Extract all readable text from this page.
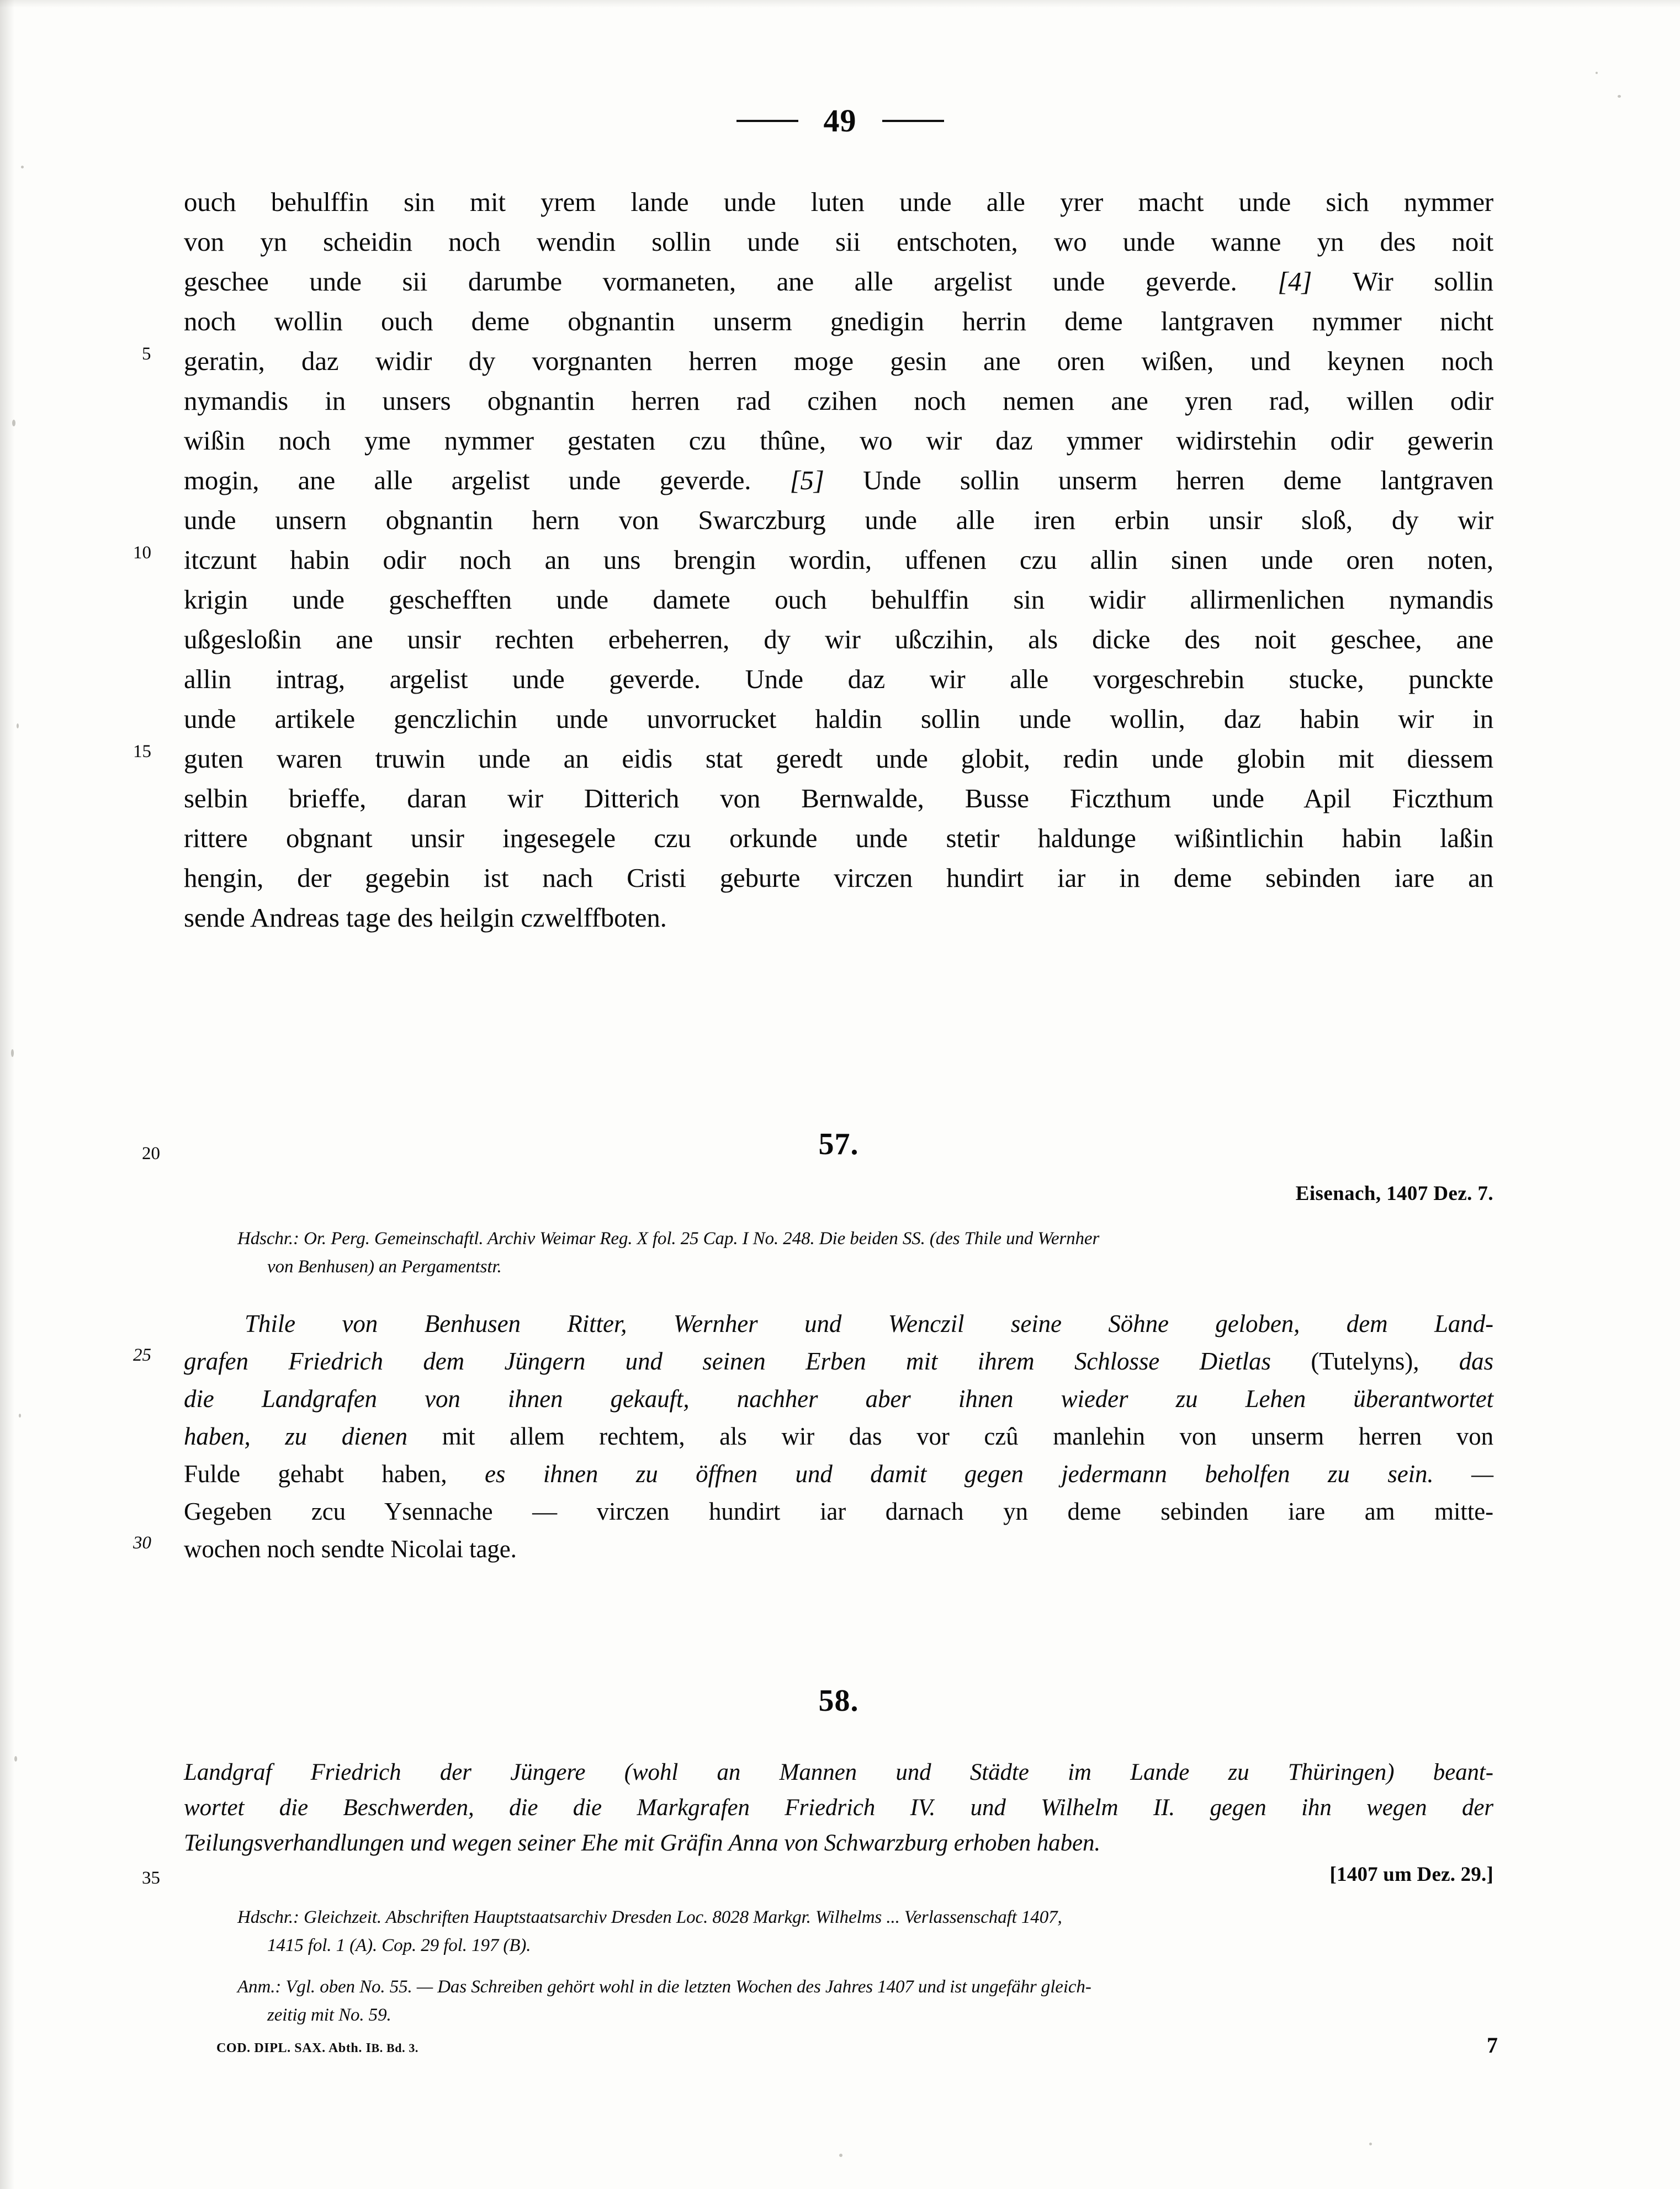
49
ouch behulffin sin mit yrem lande unde luten unde alle yrer macht unde sich nymmer
von yn scheidin noch wendin sollin unde sii entschoten, wo unde wanne yn des noit
geschee unde sii darumbe vormaneten, ane alle argelist unde geverde. [4] Wir sollin
noch wollin ouch deme obgnantin unserm gnedigin herrin deme lantgraven nymmer nicht
5 geratin, daz widir dy vorgnanten herren moge gesin ane oren wißen, und keynen noch
nymandis in unsers obgnantin herren rad czihen noch nemen ane yren rad, willen odir
wißin noch yme nymmer gestaten czu thûne, wo wir daz ymmer widirstehin odir gewerin
mogin, ane alle argelist unde geverde. [5] Unde sollin unserm herren deme lantgraven
unde unsern obgnantin hern von Swarczburg unde alle iren erbin unsir sloß, dy wir
10 itczunt habin odir noch an uns brengin wordin, uffenen czu allin sinen unde oren noten,
krigin unde geschefften unde damete ouch behulffin sin widir allirmenlichen nymandis
ußgesloßin ane unsir rechten erbeherren, dy wir ußczihin, als dicke des noit geschee, ane
allin intrag, argelist unde geverde. Unde daz wir alle vorgeschrebin stucke, punckte
unde artikele genczlichin unde unvorrucket haldin sollin unde wollin, daz habin wir in
15 guten waren truwin unde an eidis stat geredt unde globit, redin unde globin mit diessem
selbin brieffe, daran wir Ditterich von Bernwalde, Busse Ficzthum unde Apil Ficzthum
rittere obgnant unsir ingesegele czu orkunde unde stetir haldunge wißintlichin habin laßin
hengin, der gegebin ist nach Cristi geburte virczen hundirt iar in deme sebinden iare an
sende Andreas tage des heilgin czwelffboten.
20	57.
Eisenach, 1407 Dez. 7.
Hdschr.: Or. Perg. Gemeinschaftl. Archiv Weimar Reg. X fol. 25 Cap. I No. 248. Die beiden SS. (des Thile und Wernher
von Benhusen) an Pergamentstr.
Thile von Benhusen Ritter, Wernher und Wenczil seine Söhne geloben, dem Land-
25 grafen Friedrich dem Jüngern und seinen Erben mit ihrem Schlosse Dietlas (Tutelyns), das
die Landgrafen von ihnen gekauft, nachher aber ihnen wieder zu Lehen überantwortet
haben, zu dienen mit allem rechtem, als wir das vor czû manlehin von unserm herren von
Fulde gehabt haben, es ihnen zu öffnen und damit gegen jedermann beholfen zu sein. —
Gegeben zcu Ysennache — virczen hundirt iar darnach yn deme sebinden iare am mitte-
30 wochen noch sendte Nicolai tage.
58.
Landgraf Friedrich der Jüngere (wohl an Mannen und Städte im Lande zu Thüringen) beant-
wortet die Beschwerden, die die Markgrafen Friedrich IV. und Wilhelm II. gegen ihn wegen der
Teilungsverhandlungen und wegen seiner Ehe mit Gräfin Anna von Schwarzburg erhoben haben.
35	[1407 um Dez. 29.]
Hdschr.: Gleichzeit. Abschriften Hauptstaatsarchiv Dresden Loc. 8028 Markgr. Wilhelms ... Verlassenschaft 1407,
1415 fol. 1 (A). Cop. 29 fol. 197 (B).
Anm.: Vgl. oben No. 55. — Das Schreiben gehört wohl in die letzten Wochen des Jahres 1407 und ist ungefähr gleich-
zeitig mit No. 59.
COD. DIPL. SAX. Abth. IB. Bd. 3.	7
